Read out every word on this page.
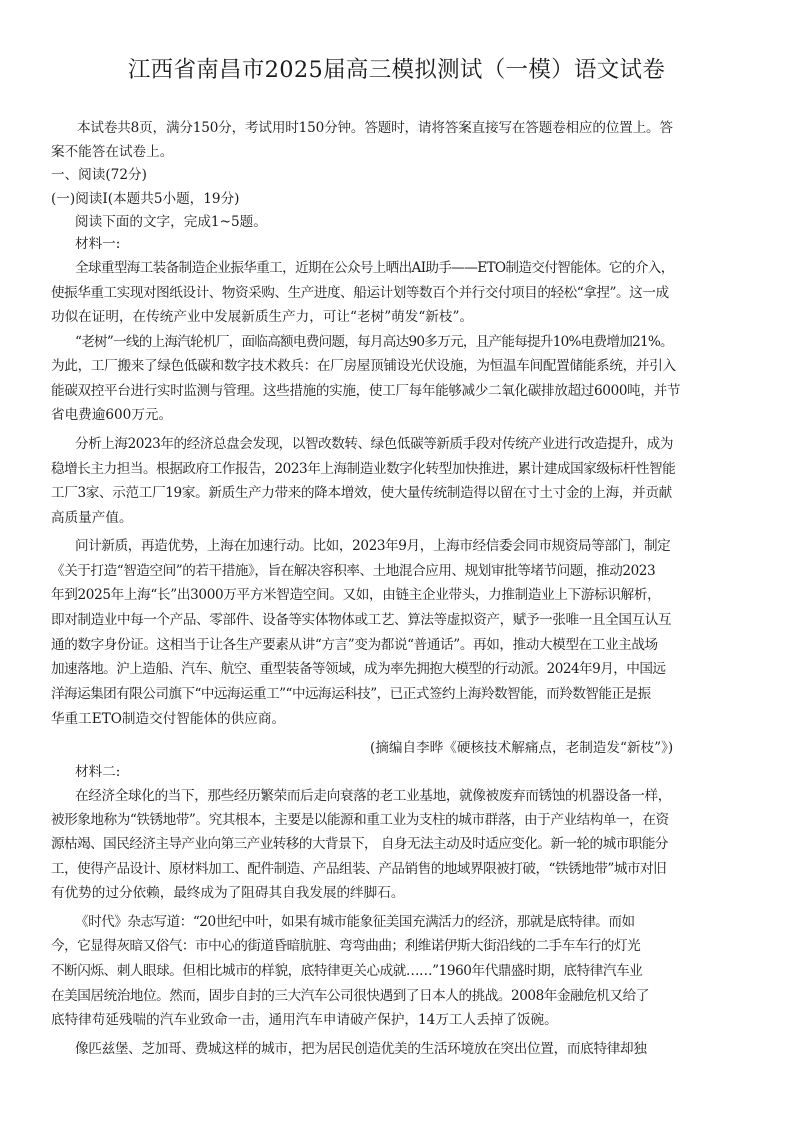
江西省南昌市2025届高三模拟测试（一模）语文试卷

本试卷共8页，满分150分，考试用时150分钟。答题时，请将答案直接写在答题卷相应的位置上。答

案不能答在试卷上。

一、阅读(72分)

(一)阅读Ⅰ(本题共5小题，19分)

阅读下面的文字，完成1~5题。

材料一:

全球重型海工装备制造企业振华重工，近期在公众号上晒出AI助手——ETO制造交付智能体。它的介入，

使振华重工实现对图纸设计、物资采购、生产进度、船运计划等数百个并行交付项目的轻松“拿捏”。这一成

功似在证明，在传统产业中发展新质生产力，可让“老树”萌发“新枝”。

“老树”一线的上海汽轮机厂，面临高额电费问题，每月高达90多万元，且产能每提升10%电费增加21%。

为此，工厂搬来了绿色低碳和数字技术救兵：在厂房屋顶铺设光伏设施，为恒温车间配置储能系统，并引入

能碳双控平台进行实时监测与管理。这些措施的实施，使工厂每年能够减少二氧化碳排放超过6000吨，并节

省电费逾600万元。

分析上海2023年的经济总盘会发现，以智改数转、绿色低碳等新质手段对传统产业进行改造提升，成为

稳增长主力担当。根据政府工作报告，2023年上海制造业数字化转型加快推进，累计建成国家级标杆性智能

工厂3家、示范工厂19家。新质生产力带来的降本增效，使大量传统制造得以留在寸土寸金的上海，并贡献

高质量产值。

问计新质，再造优势，上海在加速行动。比如，2023年9月，上海市经信委会同市规资局等部门，制定

《关于打造“智造空间”的若干措施》，旨在解决容积率、土地混合应用、规划审批等堵节问题，推动2023

年到2025年上海“长”出3000万平方米智造空间。又如，由链主企业带头，力推制造业上下游标识解析，

即对制造业中每一个产品、零部件、设备等实体物体或工艺、算法等虚拟资产，赋予一张唯一且全国互认互

通的数字身份证。这相当于让各生产要素从讲“方言”变为都说“普通话”。再如，推动大模型在工业主战场

加速落地。沪上造船、汽车、航空、重型装备等领域，成为率先拥抱大模型的行动派。2024年9月，中国远

洋海运集团有限公司旗下“中远海运重工”“中远海运科技”，已正式签约上海羚数智能，而羚数智能正是振

华重工ETO制造交付智能体的供应商。

(摘编自李晔《硬核技术解痛点，老制造发“新枝”》)

材料二:

在经济全球化的当下，那些经历繁荣而后走向衰落的老工业基地，就像被废弃而锈蚀的机器设备一样，

被形象地称为“铁锈地带”。究其根本，主要是以能源和重工业为支柱的城市群落，由于产业结构单一，在资

源枯竭、国民经济主导产业向第三产业转移的大背景下， 自身无法主动及时适应变化。新一轮的城市职能分

工，使得产品设计、原材料加工、配件制造、产品组装、产品销售的地域界限被打破，“铁锈地带”城市对旧

有优势的过分依赖，最终成为了阻碍其自我发展的绊脚石。

《时代》杂志写道：“20世纪中叶，如果有城市能象征美国充满活力的经济，那就是底特律。而如

今，它显得灰暗又俗气：市中心的街道昏暗肮脏、弯弯曲曲；利维诺伊斯大街沿线的二手车车行的灯光

不断闪烁、刺人眼球。但相比城市的样貌，底特律更关心成就……”1960年代鼎盛时期，底特律汽车业

在美国居统治地位。然而，固步自封的三大汽车公司很快遇到了日本人的挑战。2008年金融危机又给了

底特律苟延残喘的汽车业致命一击，通用汽车申请破产保护，14万工人丢掉了饭碗。

像匹兹堡、芝加哥、费城这样的城市，把为居民创造优美的生活环境放在突出位置，而底特律却独
